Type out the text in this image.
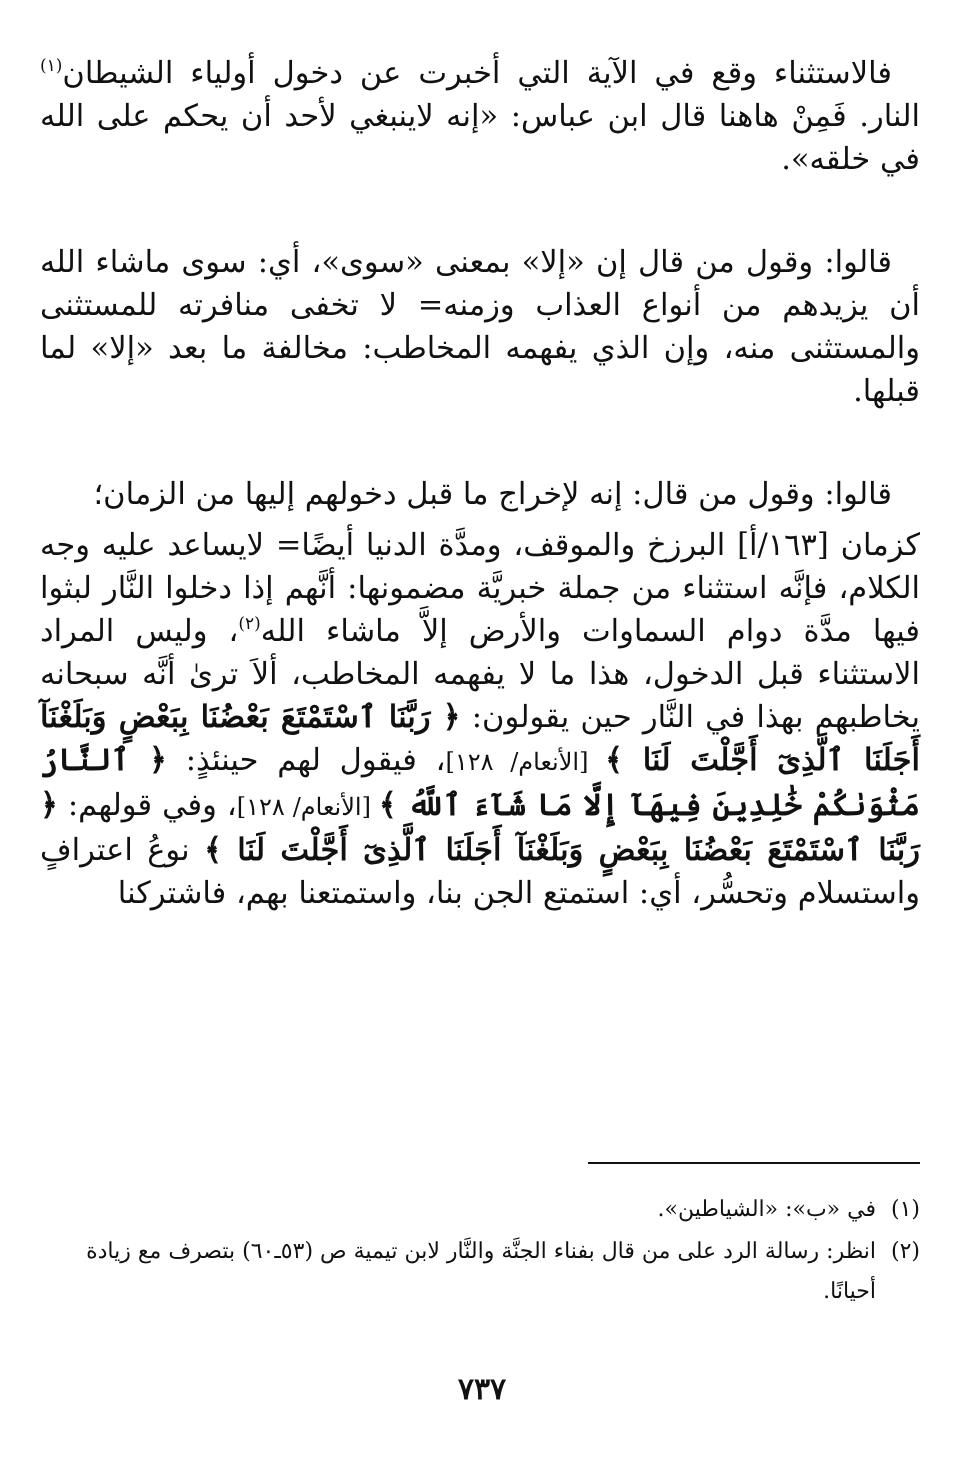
فالاستثناء وقع في الآية التي أخبرت عن دخول أولياء الشيطان$^{(١)}$ النار. فَمِنْ هاهنا قال ابن عباس: «إنه لاينبغي لأحد أن يحكم على الله في خلقه».

قالوا: وقول من قال إن «إلا» بمعنى «سوى»، أي: سوى ماشاء الله أن يزيدهم من أنواع العذاب وزمنه= لا تخفى منافرته للمستثنى والمستثنى منه، وإن الذي يفهمه المخاطب: مخالفة ما بعد «إلا» لما قبلها.

قالوا: وقول من قال: إنه لإخراج ما قبل دخولهم إليها من الزمان؛

كزمان [١٦٣/أ] البرزخ والموقف، ومدَّة الدنيا أيضًا= لايساعد عليه وجه الكلام، فإنَّه استثناء من جملة خبريَّة مضمونها: أنَّهم إذا دخلوا النَّار لبثوا فيها مدَّة دوام السماوات والأرض إلاَّ ماشاء الله$^{(٢)}$، وليس المراد الاستثناء قبل الدخول، هذا ما لا يفهمه المخاطب، ألاَ ترىٰ أنَّه سبحانه يخاطبهم بهذا في النَّار حين يقولون: ﴿ رَبَّنَا ٱسْتَمْتَعَ بَعْضُنَا بِبَعْضٍ وَبَلَغْنَآ أَجَلَنَا ٱلَّذِىٓ أَجَّلْتَ لَنَا ﴾ [الأنعام/ ١٢٨]، فيقول لهم حينئذٍ: ﴿ ٱلنَّارُ مَثْوَىٰكُمْ خَٰلِدِينَ فِيهَآ إِلَّا مَا شَآءَ ٱللَّهُ ﴾ [الأنعام/ ١٢٨]، وفي قولهم: ﴿ رَبَّنَا ٱسْتَمْتَعَ بَعْضُنَا بِبَعْضٍ وَبَلَغْنَآ أَجَلَنَا ٱلَّذِىٓ أَجَّلْتَ لَنَا ﴾ نوعُ اعترافٍ واستسلام وتحسُّر، أي: استمتع الجن بنا، واستمتعنا بهم، فاشتركنا

(١)
في «ب»: «الشياطين».
(٢)
انظر: رسالة الرد على من قال بفناء الجنَّة والنَّار لابن تيمية ص (٥٣ـ٦٠) بتصرف مع زيادة أحيانًا.
٧٣٧
